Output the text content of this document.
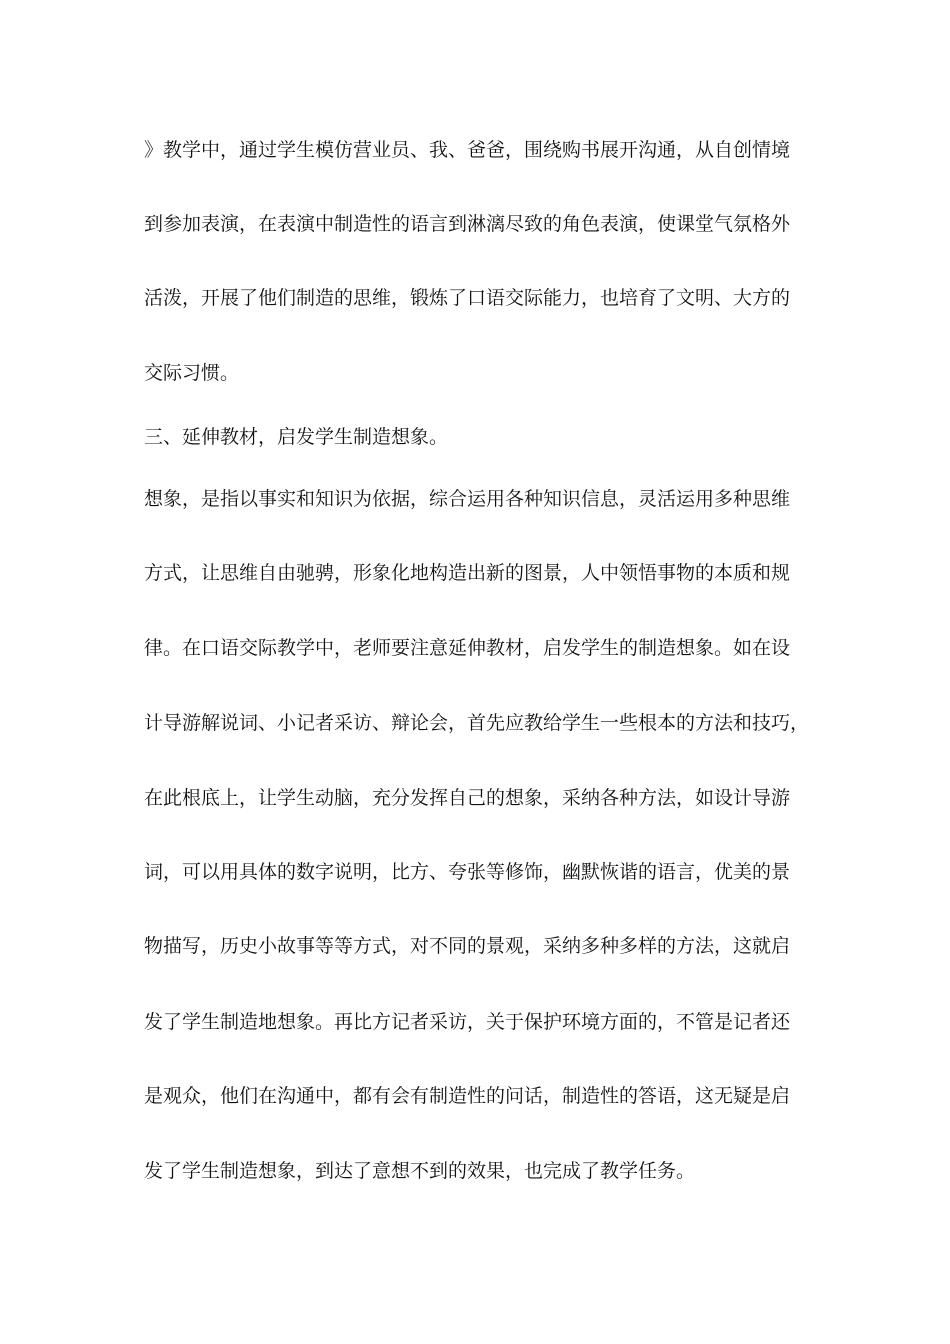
》教学中，通过学生模仿营业员、我、爸爸，围绕购书展开沟通，从自创情境
到参加表演，在表演中制造性的语言到淋漓尽致的角色表演，使课堂气氛格外
活泼，开展了他们制造的思维，锻炼了口语交际能力，也培育了文明、大方的
交际习惯。
三、延伸教材，启发学生制造想象。
想象，是指以事实和知识为依据，综合运用各种知识信息，灵活运用多种思维
方式，让思维自由驰骋，形象化地构造出新的图景，人中领悟事物的本质和规
律。在口语交际教学中，老师要注意延伸教材，启发学生的制造想象。如在设
计导游解说词、小记者采访、辩论会，首先应教给学生一些根本的方法和技巧，
在此根底上，让学生动脑，充分发挥自己的想象，采纳各种方法，如设计导游
词，可以用具体的数字说明，比方、夸张等修饰，幽默恢谐的语言，优美的景
物描写，历史小故事等等方式，对不同的景观，采纳多种多样的方法，这就启
发了学生制造地想象。再比方记者采访，关于保护环境方面的，不管是记者还
是观众，他们在沟通中，都有会有制造性的问话，制造性的答语，这无疑是启
发了学生制造想象，到达了意想不到的效果，也完成了教学任务。
